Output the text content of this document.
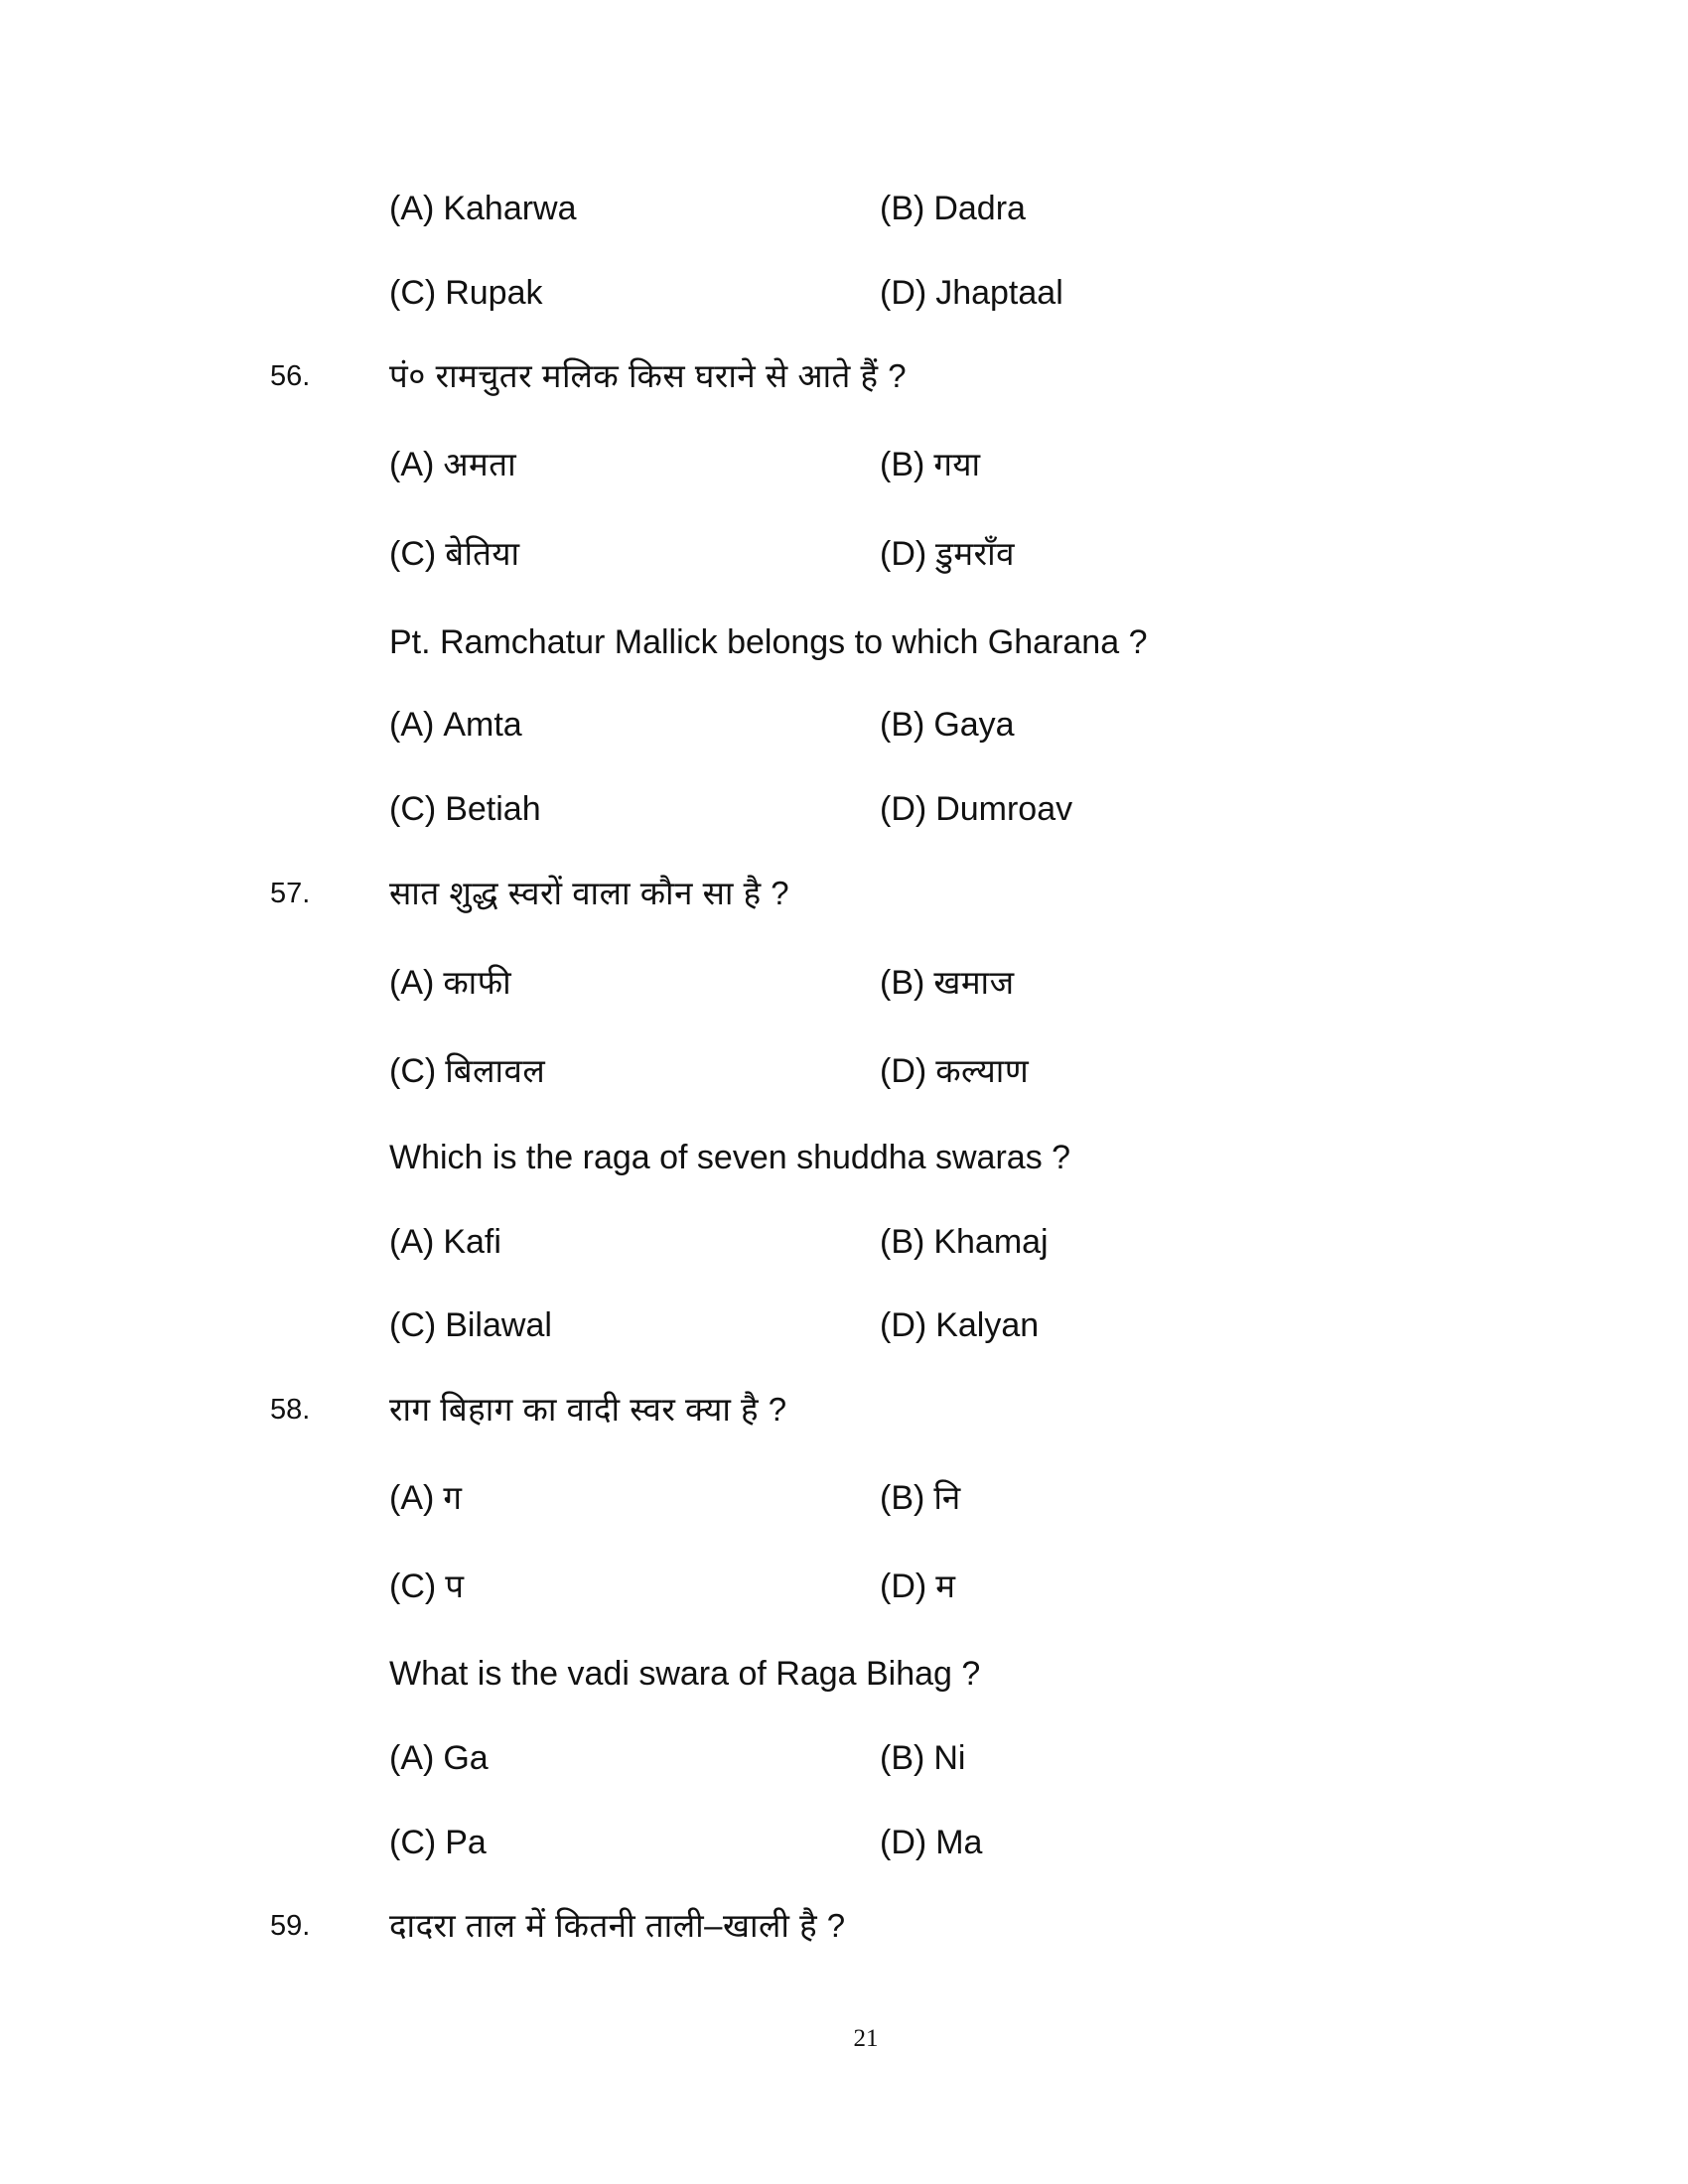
(A) Kaharwa	(B) Dadra
(C) Rupak	(D) Jhaptaal
56. पं० रामचुतर मलिक किस घराने से आते हैं ?
(A) अमता	(B) गया
(C) बेतिया	(D) डुमराँव
Pt. Ramchatur Mallick belongs to which Gharana ?
(A) Amta	(B) Gaya
(C) Betiah	(D) Dumroav
57. सात शुद्ध स्वरों वाला कौन सा है ?
(A) काफी	(B) खमाज
(C) बिलावल	(D) कल्याण
Which is the raga of seven shuddha swaras ?
(A) Kafi	(B) Khamaj
(C) Bilawal	(D) Kalyan
58. राग बिहाग का वादी स्वर क्या है ?
(A) ग	(B) नि
(C) प	(D) म
What is the vadi swara of Raga Bihag ?
(A) Ga	(B) Ni
(C) Pa	(D) Ma
59. दादरा ताल में कितनी ताली–खाली है ?
21
